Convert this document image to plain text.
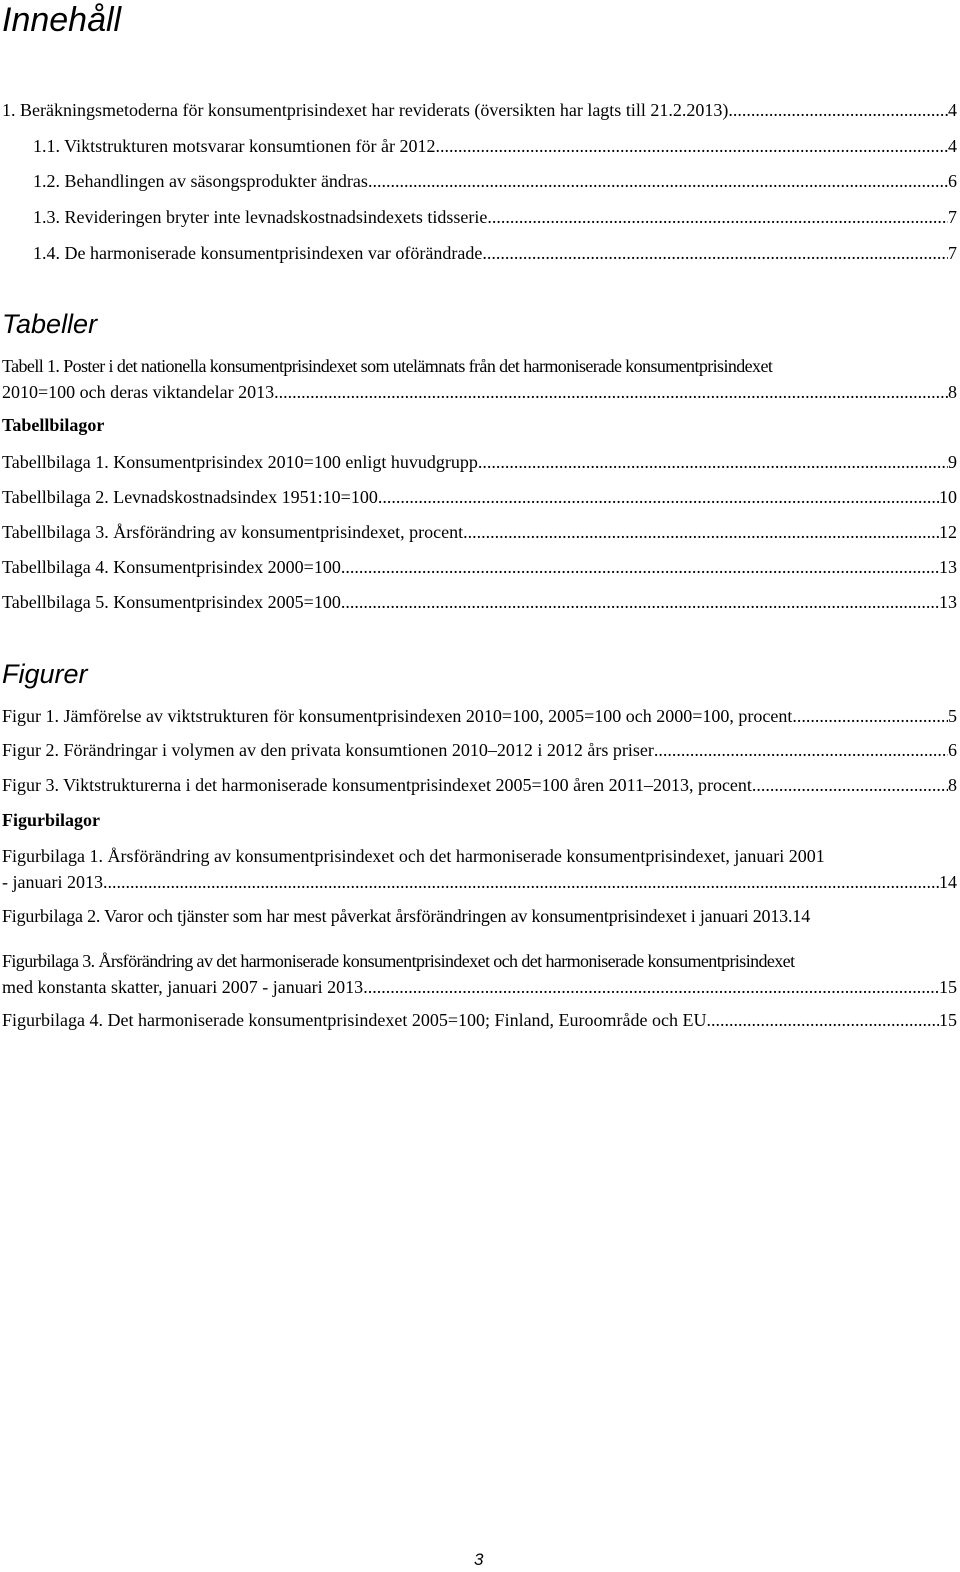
Innehåll
1. Beräkningsmetoderna för konsumentprisindexet har reviderats (översikten har lagts till 21.2.2013) .....	4
1.1. Viktstrukturen motsvarar konsumtionen för år 2012 .....	4
1.2. Behandlingen av säsongsprodukter ändras .....	6
1.3. Revideringen bryter inte levnadskostnadsindexets tidsserie .....	7
1.4. De harmoniserade konsumentprisindexen var oförändrade .....	7
Tabeller
Tabell 1. Poster i det nationella konsumentprisindexet som utelämnats från det harmoniserade konsumentprisindexet
2010=100 och deras viktandelar 2013 .....	8
Tabellbilagor
Tabellbilaga 1. Konsumentprisindex 2010=100 enligt huvudgrupp .....	9
Tabellbilaga 2. Levnadskostnadsindex 1951:10=100 .....	10
Tabellbilaga 3. Årsförändring av konsumentprisindexet, procent .....	12
Tabellbilaga 4. Konsumentprisindex 2000=100 .....	13
Tabellbilaga 5. Konsumentprisindex 2005=100 .....	13
Figurer
Figur 1. Jämförelse av viktstrukturen för konsumentprisindexen 2010=100, 2005=100 och 2000=100, procent .....	5
Figur 2. Förändringar i volymen av den privata konsumtionen 2010–2012 i 2012 års priser .....	6
Figur 3. Viktstrukturerna i det harmoniserade konsumentprisindexet 2005=100 åren 2011–2013, procent .....	8
Figurbilagor
Figurbilaga 1. Årsförändring av konsumentprisindexet och det harmoniserade konsumentprisindexet, januari 2001
- januari 2013 .....	14
Figurbilaga 2. Varor och tjänster som har mest påverkat årsförändringen av konsumentprisindexet i januari 2013. 14
Figurbilaga 3. Årsförändring av det harmoniserade konsumentprisindexet och det harmoniserade konsumentprisindexet
med konstanta skatter, januari 2007 - januari 2013 .....	15
Figurbilaga 4. Det harmoniserade konsumentprisindexet 2005=100; Finland, Euroområde och EU .....	15
3
